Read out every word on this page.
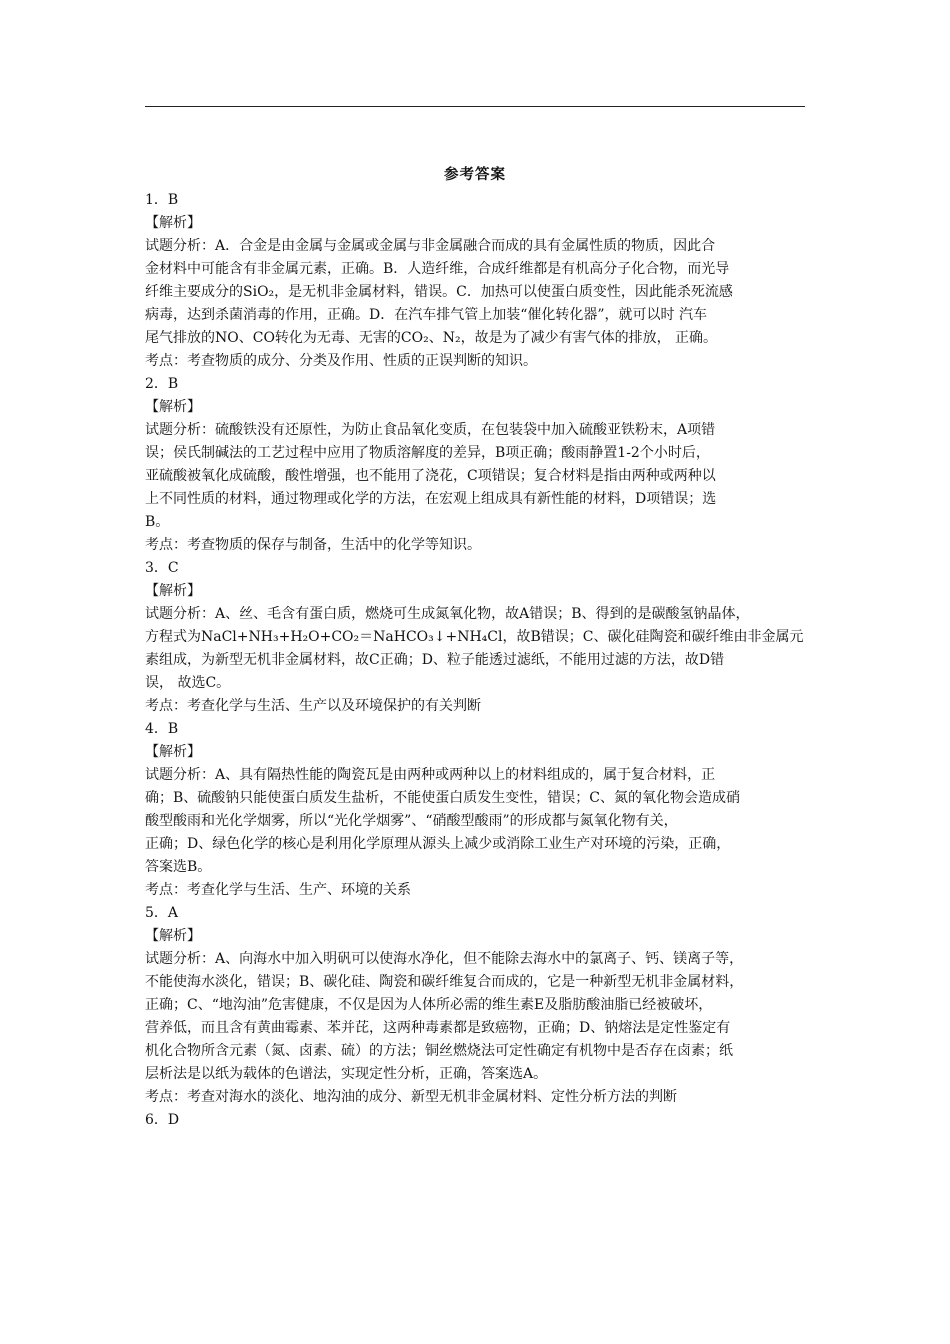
参考答案
1．B
【解析】
试题分析：A．合金是由金属与金属或金属与非金属融合而成的具有金属性质的物质，因此合
金材料中可能含有非金属元素，正确。B．人造纤维，合成纤维都是有机高分子化合物，而光导
纤维主要成分的SiO₂，是无机非金属材料，错误。C．加热可以使蛋白质变性，因此能杀死流感
病毒，达到杀菌消毒的作用，正确。D．在汽车排气管上加装“催化转化器”，就可以时 汽车
尾气排放的NO、CO转化为无毒、无害的CO₂、N₂，故是为了减少有害气体的排放， 正确。
考点：考查物质的成分、分类及作用、性质的正误判断的知识。
2．B
【解析】
试题分析：硫酸铁没有还原性，为防止食品氧化变质，在包装袋中加入硫酸亚铁粉末，A项错
误；侯氏制碱法的工艺过程中应用了物质溶解度的差异，B项正确；酸雨静置1-2个小时后，
亚硫酸被氧化成硫酸，酸性增强，也不能用了浇花，C项错误；复合材料是指由两种或两种以
上不同性质的材料，通过物理或化学的方法，在宏观上组成具有新性能的材料，D项错误；选
B。
考点：考查物质的保存与制备，生活中的化学等知识。
3．C
【解析】
试题分析：A、丝、毛含有蛋白质，燃烧可生成氮氧化物，故A错误；B、得到的是碳酸氢钠晶体，
方程式为NaCl+NH₃+H₂O+CO₂＝NaHCO₃↓+NH₄Cl，故B错误；C、碳化硅陶瓷和碳纤维由非金属元
素组成，为新型无机非金属材料，故C正确；D、粒子能透过滤纸，不能用过滤的方法，故D错
误， 故选C。
考点：考查化学与生活、生产以及环境保护的有关判断
4．B
【解析】
试题分析：A、具有隔热性能的陶瓷瓦是由两种或两种以上的材料组成的，属于复合材料，正
确；B、硫酸钠只能使蛋白质发生盐析，不能使蛋白质发生变性，错误；C、氮的氧化物会造成硝
酸型酸雨和光化学烟雾，所以“光化学烟雾”、“硝酸型酸雨”的形成都与氮氧化物有关，
正确；D、绿色化学的核心是利用化学原理从源头上减少或消除工业生产对环境的污染，正确，
答案选B。
考点：考查化学与生活、生产、环境的关系
5．A
【解析】
试题分析：A、向海水中加入明矾可以使海水净化，但不能除去海水中的氯离子、钙、镁离子等，
不能使海水淡化，错误；B、碳化硅、陶瓷和碳纤维复合而成的，它是一种新型无机非金属材料，
正确；C、“地沟油”危害健康，不仅是因为人体所必需的维生素E及脂肪酸油脂已经被破坏，
营养低，而且含有黄曲霉素、苯并芘，这两种毒素都是致癌物，正确；D、钠熔法是定性鉴定有
机化合物所含元素（氮、卤素、硫）的方法；铜丝燃烧法可定性确定有机物中是否存在卤素；纸
层析法是以纸为载体的色谱法，实现定性分析，正确，答案选A。
考点：考查对海水的淡化、地沟油的成分、新型无机非金属材料、定性分析方法的判断
6．D
